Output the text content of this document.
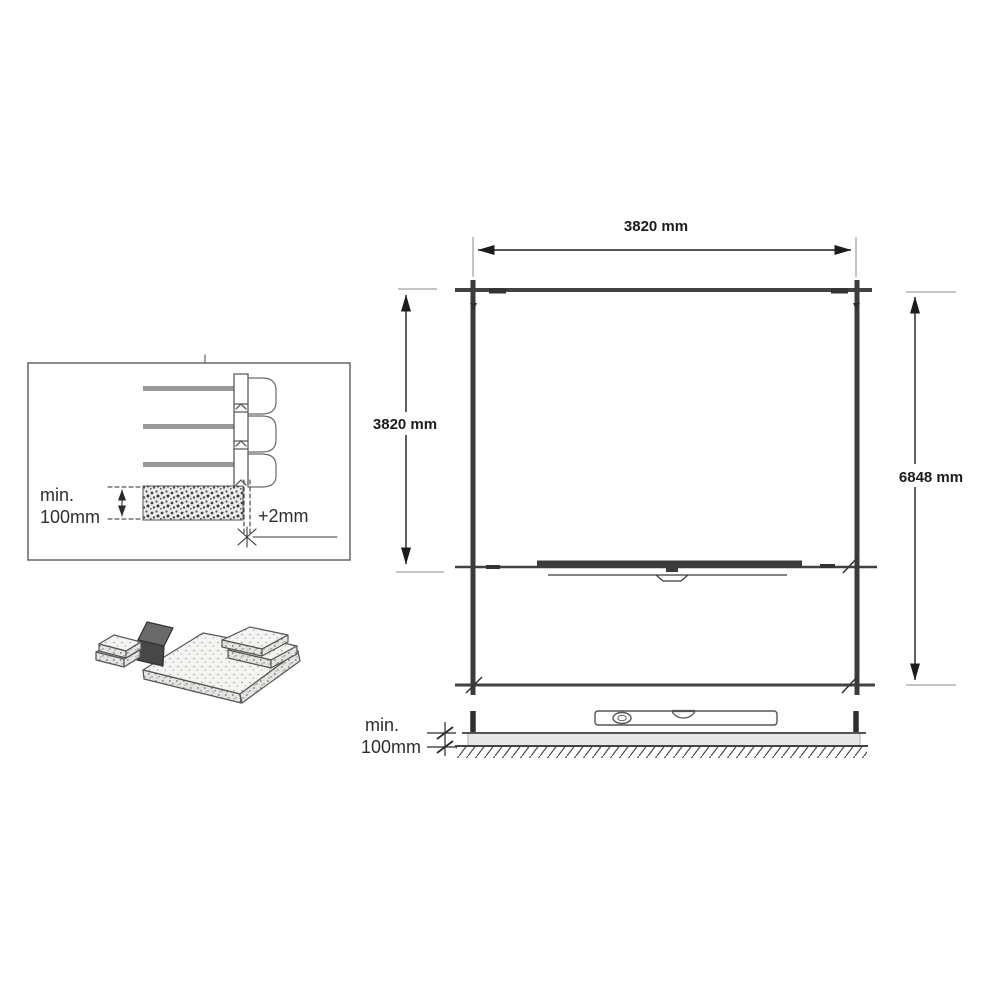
min.
100mm	+2mm
3820 mm
3820 mm
6848 mm
min.
100mm
